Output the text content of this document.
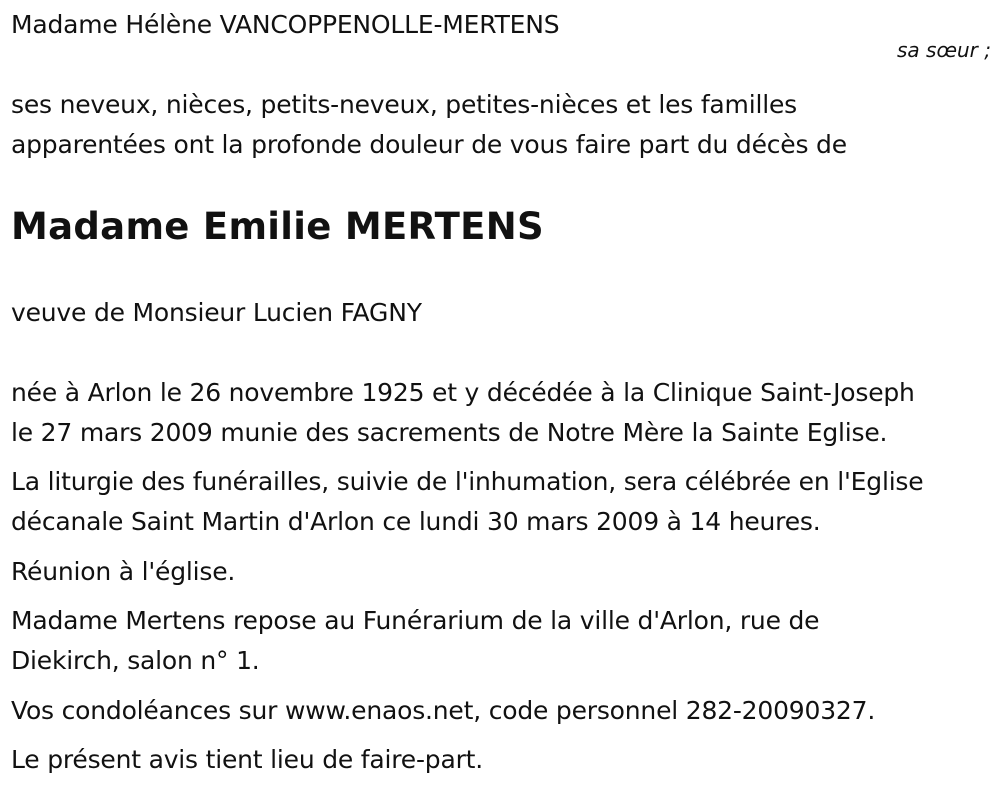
Madame Hélène VANCOPPENOLLE-MERTENS
sa sœur ;
ses neveux, nièces, petits-neveux, petites-nièces et les familles
apparentées ont la profonde douleur de vous faire part du décès de
Madame Emilie MERTENS
veuve de Monsieur Lucien FAGNY
née à Arlon le 26 novembre 1925 et y décédée à la Clinique Saint-Joseph
le 27 mars 2009 munie des sacrements de Notre Mère la Sainte Eglise.
La liturgie des funérailles, suivie de l'inhumation, sera célébrée en l'Eglise
décanale Saint Martin d'Arlon ce lundi 30 mars 2009 à 14 heures.
Réunion à l'église.
Madame Mertens repose au Funérarium de la ville d'Arlon, rue de
Diekirch, salon n° 1.
Vos condoléances sur www.enaos.net, code personnel 282-20090327.
Le présent avis tient lieu de faire-part.
